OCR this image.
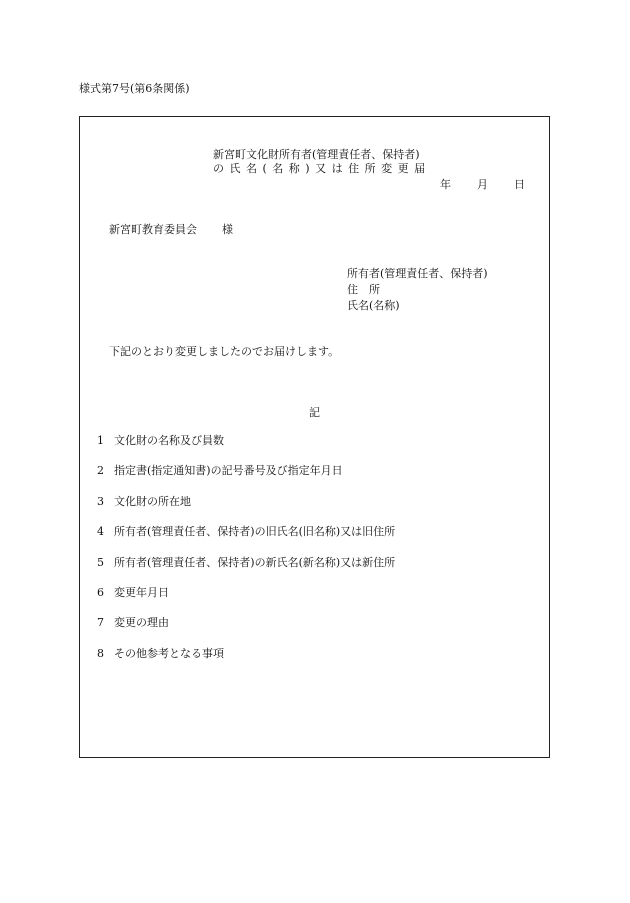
様式第7号(第6条関係)
新宮町文化財所有者(管理責任者、保持者)
の氏名(名称)又は住所変更届
年 月 日
新宮町教育委員会 様
所有者(管理責任者、保持者)
住所
氏名(名称)
下記のとおり変更しましたのでお届けします。
記
1 文化財の名称及び員数
2 指定書(指定通知書)の記号番号及び指定年月日
3 文化財の所在地
4 所有者(管理責任者、保持者)の旧氏名(旧名称)又は旧住所
5 所有者(管理責任者、保持者)の新氏名(新名称)又は新住所
6 変更年月日
7 変更の理由
8 その他参考となる事項
